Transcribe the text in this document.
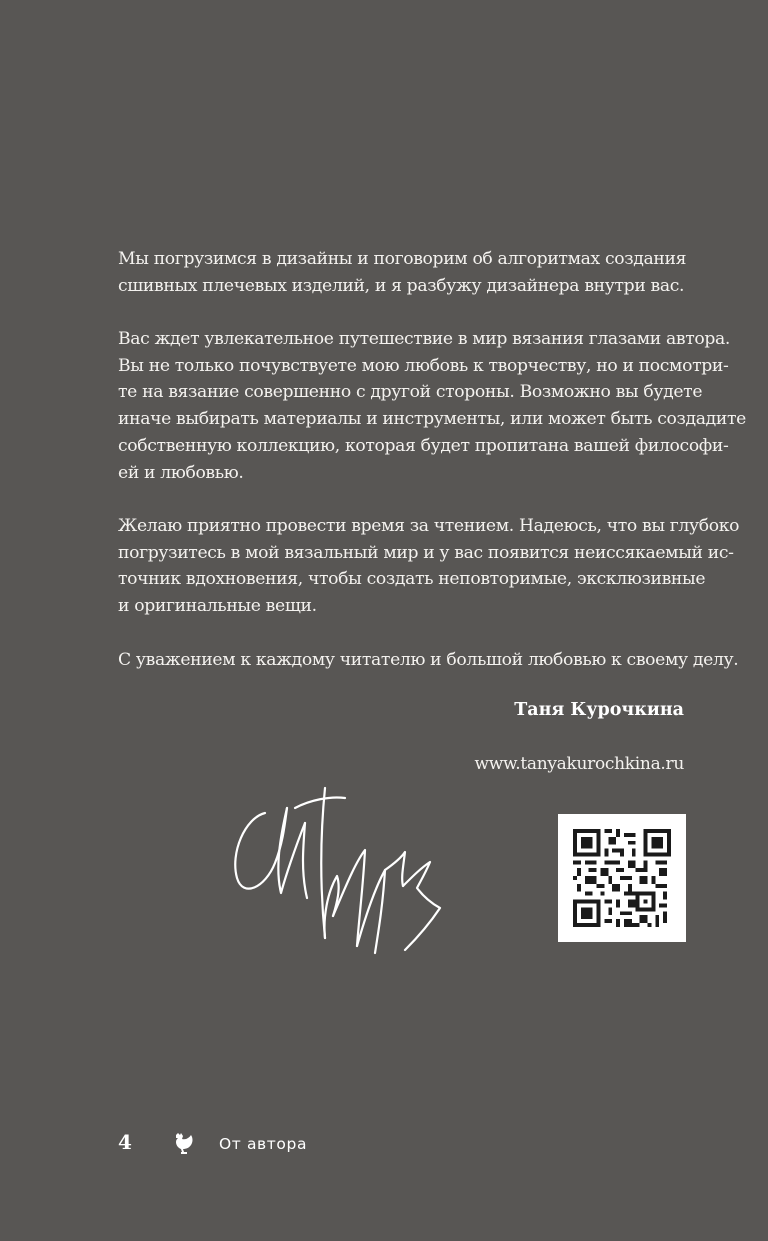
Мы погрузимся в дизайны и поговорим об алгоритмах создания
сшивных плечевых изделий, и я разбужу дизайнера внутри вас.

Вас ждет увлекательное путешествие в мир вязания глазами автора.
Вы не только почувствуете мою любовь к творчеству, но и посмотри-
те на вязание совершенно с другой стороны. Возможно вы будете
иначе выбирать материалы и инструменты, или может быть создадите
собственную коллекцию, которая будет пропитана вашей философи-
ей и любовью.

Желаю приятно провести время за чтением. Надеюсь, что вы глубоко
погрузитесь в мой вязальный мир и у вас появится неиссякаемый ис-
точник вдохновения, чтобы создать неповторимые, эксклюзивные
и оригинальные вещи.

С уважением к каждому читателю и большой любовью к своему делу.

Таня Курочкина
www.tanyakurochkina.ru
4	От автора
